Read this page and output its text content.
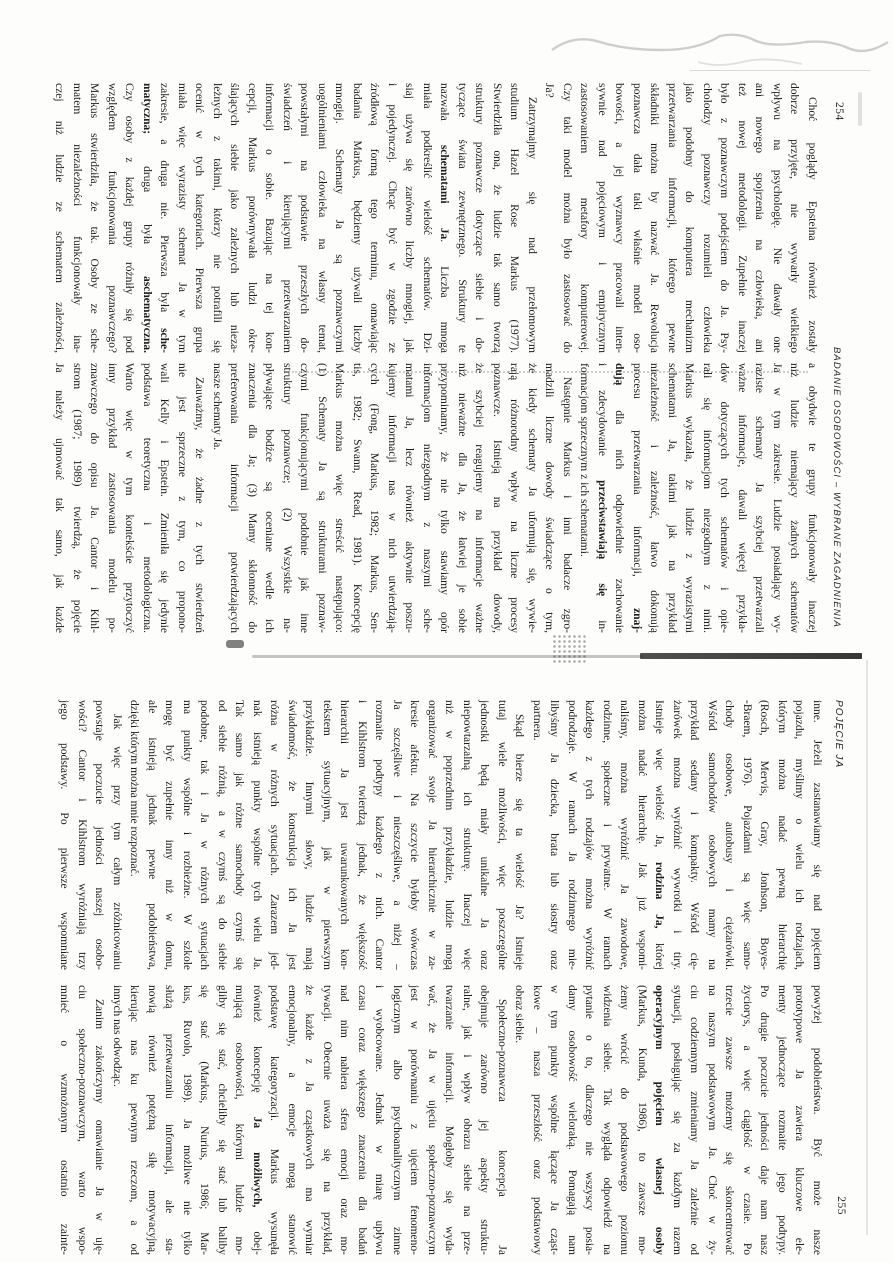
254
BADANIE OSOBOWOŚCI – WYBRANE ZAGADNIENIA
Choć poglądy Epsteina również zostały
dobrze przyjęte, nie wywarły wielkiego
wpływu na psychologię. Nie dawały one
ani nowego spojrzenia na człowieka, ani
też nowej metodologii. Zupełnie inaczej
było z poznawczym podejściem do Ja. Psy-
cholodzy poznawczy rozumieli człowieka
jako podobny do komputera mechanizm
przetwarzania informacji, którego pewne
składniki można by nazwać Ja. Rewolucja
poznawcza dała taki właśnie model oso-
bowości, a jej wyznawcy pracowali inten-
sywnie nad pojęciowym i empirycznym
zastosowaniem metafory komputerowej.
Czy taki model można było zastosować do
Ja?
Zatrzymajmy się nad przełomowym
studium Hazel Rose Markus (1977).
Stwierdziła ona, że ludzie tak samo tworzą
struktury poznawcze dotyczące siebie i do-
tyczące świata zewnętrznego. Struktury te
nazwała schematami Ja. Liczba mnoga
miała podkreślić wielość schematów. Dzi-
siaj używa się zarówno liczby mnogiej, jak
i pojedynczej. Chcąc być w zgodzie ze
źródłową formą tego terminu, omawiając
badania Markus, będziemy używali liczby
mnogiej. Schematy Ja są poznawczymi
uogólnieniami człowieka na własny temat,
powstałymi na podstawie przeszłych do-
świadczeń i kierującymi przetwarzaniem
informacji o sobie. Bazując na tej kon-
cepcji, Markus porównywała ludzi okre-
ślających siebie jako zależnych lub nieza-
leżnych z takimi, którzy nie potrafili się
ocenić w tych kategoriach. Pierwsza grupa
miała więc wyrazisty schemat Ja w tym
zakresie, a druga nie. Pierwsza była sche-
matyczna; druga była aschematyczna.
Czy osoby z każdej grupy różniły się pod
względem funkcjonowania poznawczego?
Markus stwierdziła, że tak. Osoby ze sche-
matem niezależności funkcjonowały ina-
czej niż ludzie ze schematem zależności,
a obydwie te grupy funkcjonowały inaczej
niż ludzie niemający żadnych schematów
Ja w tym zakresie. Ludzie posiadający wy-
raziste schematy Ja szybciej przetwarzali
ważne informacje, dawali więcej przykła-
dów dotyczących tych schematów i opie-
rali się informacjom niezgodnym z nimi.
Markus wykazała, że ludzie z wyrazistymi
schematami Ja, takimi jak na przykład
niezależność i zależność, łatwo dokonują
procesu przetwarzania informacji, znaj-
dują dla nich odpowiednie zachowanie
i zdecydowanie przeciwstawiają się in-
formacjom sprzecznym z ich schematami.
Następnie Markus i inni badacze zgro-
madzili liczne dowody świadczące o tym,
że kiedy schematy Ja uformują się, wywie-
rają różnorodny wpływ na liczne procesy
poznawcze. Istnieją na przykład dowody,
że szybciej reagujemy na informacje ważne
niż nieważne dla Ja, że łatwiej je sobie
przypominamy, że nie tylko stawiamy opór
informacjom niezgodnym z naszymi sche-
matami Ja, lecz również aktywnie poszu-
kujemy informacji nas w nich utwierdzają-
cych (Fong, Markus, 1982; Markus, Sen-
tis, 1982; Swann, Read, 1981). Koncepcję
Markus można więc streścić następująco:
(1) Schematy Ja są strukturami poznaw-
czymi funkcjonującymi podobnie jak inne
struktury poznawcze; (2) Wszystkie na-
pływające bodźce są oceniane wedle ich
znaczenia dla Ja; (3) Mamy skłonność do
preferowania informacji potwierdzających
nasze schematy Ja.
Zauważmy, że żadne z tych stwierdzeń
nie jest sprzeczne z tym, co propono-
wali Kelly i Epstein. Zmieniła się jedynie
podstawa teoretyczna i metodologiczna.
Warto więc w tym kontekście przytoczyć
inny przykład zastosowania modelu po-
znawczego do opisu Ja. Cantor i Kihl-
strom (1987; 1989) twierdzą, że pojęcie
Ja należy ujmować tak samo, jak każde
POJĘCIE JA
255
inne. Jeżeli zastanawiamy się nad pojęciem
pojazdu, myślimy o wielu ich rodzajach,
którym można nadać pewną hierarchię
(Rosch, Mervis, Gray, Jonhson, Boyes-
-Braem, 1976). Pojazdami są więc samo-
chody osobowe, autobusy i ciężarówki.
Wśród samochodów osobowych mamy na
przykład sedany i kompakty. Wśród cię-
żarówek można wyróżnić wywrotki i tiry.
Istnieje więc wielość Ja, rodzina Ja, której
można nadać hierarchię. Jak już wspomi-
naliśmy, można wyróżnić Ja zawodowe,
rodzinne, społeczne i prywatne. W ramach
każdego z tych rodzajów można wyróżnić
podrodzaje. W ramach Ja rodzinnego mie-
libyśmy Ja dziecka, brata lub siostry oraz
partnera.
Skąd bierze się ta wielość Ja? Istnieje
tutaj wiele możliwości, więc poszczególne
jednostki będą miały unikalne Ja oraz
niepowtarzalną ich strukturę. Inaczej więc
niż w poprzednim przykładzie, ludzie mogą
organizować swoje Ja hierarchicznie w za-
kresie afektu. Na szczycie byłoby wówczas
Ja szczęśliwe i nieszczęśliwe, a niżej –
rozmaite podtypy każdego z nich. Cantor
i Kihlstrom twierdzą jednak, że większość
hierarchii Ja jest uwarunkowanych kon-
tekstem sytuacyjnym, jak w pierwszym
przykładzie. Innymi słowy, ludzie mają
świadomość, że konstrukcja ich Ja jest
różna w różnych sytuacjach. Zarazem jed-
nak istnieją punkty wspólne tych wielu Ja.
Tak samo jak różne samochody czymś się
od siebie różnią, a w czymś są do siebie
podobne, tak i Ja w różnych sytuacjach
ma punkty wspólne i rozbieżne. W szkole
mogę być zupełnie inny niż w domu,
ale istnieją jednak pewne podobieństwa,
dzięki którym można mnie rozpoznać.
Jak więc przy tym całym zróżnicowaniu
powstaje poczucie jedności naszej osobo-
wości? Cantor i Kihlstrom wyróżniają trzy
jego podstawy. Po pierwsze wspomniane
powyżej podobieństwa. Być może nasze
prototypowe Ja zawiera kluczowe ele-
menty jednoczące rozmaite jego podtypy.
Po drugie poczucie jedności daje nam nasz
życiorys, a więc ciągłość w czasie. Po
trzecie zawsze możemy się skoncentrować
na naszym podstawowym Ja. Choć w ży-
ciu codziennym zmieniamy Ja zależnie od
sytuacji, posługując się za każdym razem
operacyjnym pojęciem własnej osoby
(Markus, Kunda, 1986), to zawsze mo-
żemy wrócić do podstawowego poziomu
widzenia siebie. Tak wygląda odpowiedź na
pytanie o to, dlaczego nie wszyscy posia-
damy osobowość wieloraką. Pomagają nam
w tym punkty wspólne łączące Ja cząst-
kowe – nasza przeszłość oraz podstawowy
obraz siebie.
Społeczno-poznawcza koncepcja Ja
obejmuje zarówno jej aspekty struktu-
ralne, jak i wpływ obrazu siebie na prze-
twarzanie informacji. Mogłoby się wyda-
wać, że Ja w ujęciu społeczno-poznawczym
jest w porównaniu z ujęciem fenomeno-
logicznym albo psychoanalitycznym zimne
i wyobcowane. Jednak w miarę upływu
czasu coraz większego znaczenia dla badań
nad nim nabiera sfera emocji oraz mo-
tywacji. Obecnie uważa się na przykład,
że każde z Ja cząstkowych ma wymiar
emocjonalny, a emocje mogą stanowić
podstawę kategoryzacji. Markus wysunęła
również koncepcję Ja możliwych, obej-
mującą osobowości, którymi ludzie mo-
gliby się stać, chcieliby się stać lub baliby
się stać (Markus, Nurius, 1986; Mar-
kus, Ruvolo, 1989). Ja możliwe nie tylko
służą przetwarzaniu informacji, ale sta-
nowią również potężną siłę motywacyjną,
kierując nas ku pewnym rzeczom, a od
innych nas odwodząc.
Zanim zakończymy omawianie Ja w uję-
ciu społeczno-poznawczym, warto wspo-
mnieć o wzmożonym ostatnio zainte-
